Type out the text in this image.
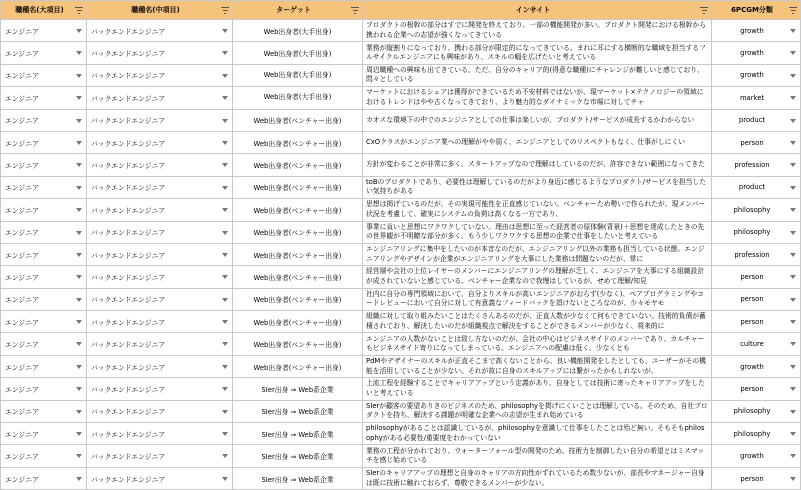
職種名(大項目)	職種名(中項目)	ターゲット	インサイト	6PCGM分類

エンジニア	バックエンドエンジニア	Web出身者(大手出身)	プロダクトの根幹の部分はすでに開発を終えており、一部の機能開発が多い。プロダクト開発における根幹から携われる企業への志望が強くなってきている	growth

エンジニア	バックエンドエンジニア	Web出身者(大手出身)	業務が縦割りになっており、携わる部分が限定的になってきている。まれに耳にする横断的な職域を担当するフルサイクルエンジニアにも興味があり、スキルの幅を広げたいと考えている	growth

エンジニア	バックエンドエンジニア	Web出身者(大手出身)	周辺職種への興味も出てきている。ただ、自分のキャリア的(得意な職種)にチャレンジが難しいと感じており、悶々としている	growth

エンジニア	バックエンドエンジニア	Web出身者(大手出身)	マーケットにおけるシェアは獲得ができているため不安材料ではないが、現マーケット×テクノロジーの領域におけるトレンドはやや古くなってきており、より魅力的なダイナミックな市場に対してチャ	market

エンジニア	バックエンドエンジニア	Web出身者(ベンチャー出身)	カオスな環境下の中でのエンジニアとしての仕事は楽しいが、プロダクト/サービスが成長するかわからない	product

エンジニア	バックエンドエンジニア	Web出身者(ベンチャー出身)	CxOクラスがエンジニア業への理解がやや弱く、エンジニアとしてのリスペクトもなく、仕事がしにくい	person

エンジニア	バックエンドエンジニア	Web出身者(ベンチャー出身)	方針が変わることが非常に多く、スタートアップなので理解はしているのだが、許容できない範囲になってきた	profession

エンジニア	バックエンドエンジニア	Web出身者(ベンチャー出身)	toBのプロダクトであり、必要性は理解しているのだがより身近に感じるようなプロダクト/サービスを担当したい気持ちがある	product

エンジニア	バックエンドエンジニア	Web出身者(ベンチャー出身)	思想は掲げているのだが、その実現可能性を正直感じていない。ベンチャーため勢いで作られたが、現メンバー状況を考慮して、確実にシステムの負荷は高くなる一方であり、	philosophy

エンジニア	バックエンドエンジニア	Web出身者(ベンチャー出身)	事業に貢いと思想にワクワクしていない。理由は思想に至った経営者の原体験(背景)＋思想を達成したときの先の世界観が不明瞭な部分が多く、もう少しワクワクする思想の企業で仕事をしたいと考えている	philosophy

エンジニア	バックエンドエンジニア	Web出身者(ベンチャー出身)	エンジニアリングに集中をしたいのが本音なのだが、エンジニアリング以外の業務も担当している状態。エンジニアリングやデザインが企業がエンジニアリングを大事にした業務は問題ないのだが、常に	profession

エンジニア	バックエンドエンジニア	Web出身者(ベンチャー出身)	経営層や会社の上位レイヤーのメンバーにエンジニアリングの理解が乏しく、エンジニアを大事にする組織設計が成されていないと感じている。ベンチャー企業なので我慢はしているが、せめて理解/知見	person

エンジニア	バックエンドエンジニア	Web出身者(ベンチャー出身)	社内に自分の専門領域において、自分よりスキルが高いエンジニアがおらず(少なく)、ペアプログラミングやコードレビューにおいて自分に対して有意義なフィードバックを頂けないところなのが、少々モヤモ	person

エンジニア	バックエンドエンジニア	Web出身者(ベンチャー出身)	組織に対して取り組みたいことはたくさんあるのだが、正直人数が少なくて何もできていない。技術的負債が蓄積されており、解決したいのだが組織視点で解決をすることができるメンバーが少なく、将来的に	person

エンジニア	バックエンドエンジニア	Web出身者(ベンチャー出身)	エンジニアの人数がないことは致し方ないのだが、会社の中心はビジネスサイドのメンバーであり、カルチャーもビジネスサイド寄りになってしまっている。エンジニアへの配慮は低く、少なくとも	culture

エンジニア	バックエンドエンジニア	Web出身者(ベンチャー出身)	PdMやデザイナーのスキルが正直そこまで高くないことから、良い機能開発をしたとしても、ユーザーがその機能を活用していることが少ない。それが故に自身のスキルアップには繋がったかもしれないが、	growth

エンジニア	バックエンドエンジニア	SIer出身 ⇒ Web系企業	上流工程を経験することでキャリアアップという定義があり、自身としては技術に寄ったキャリアアップをしたいと考えている	person

エンジニア	バックエンドエンジニア	SIer出身 ⇒ Web系企業	SIerが顧客の要望ありきのビジネスのため、philosophyを掲げにくいことは理解している。そのため、自社プロダクトを持ち、解決する課題が明確な企業への志望が生まれ始めている	philosophy

エンジニア	バックエンドエンジニア	SIer出身 ⇒ Web系企業	philosophyがあることは認識しているが、philosophyを意識して仕事をしたことは殆ど無い。そもそもphilosophyがある必要性/重要度をわかっていない	philosophy

エンジニア	バックエンドエンジニア	SIer出身 ⇒ Web系企業	業務の工程が分かれており、ウォーターフォール型の開発のため、技術力を制御したい自分の希望とはミスマッチを感じ始めている	growth

エンジニア	バックエンドエンジニア	SIer出身 ⇒ Web系企業	Slerのキャリアアップの理想と自身のキャリアの方向性がずれているため数少ないが、部長やマネージャー自身は既に技術に触れておらず、尊敬できるメンバーが少ない。	person
